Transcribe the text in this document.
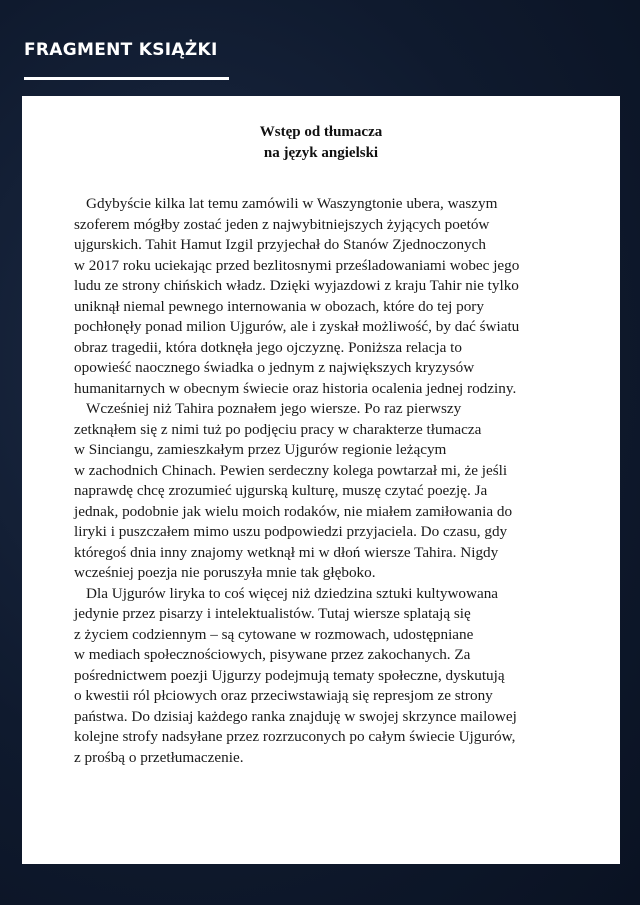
FRAGMENT KSIĄŻKI
Wstęp od tłumacza
na język angielski
Gdybyście kilka lat temu zamówili w Waszyngtonie ubera, waszym
szoferem mógłby zostać jeden z najwybitniejszych żyjących poetów
ujgurskich. Tahit Hamut Izgil przyjechał do Stanów Zjednoczonych
w 2017 roku uciekając przed bezlitosnymi prześladowaniami wobec jego
ludu ze strony chińskich władz. Dzięki wyjazdowi z kraju Tahir nie tylko
uniknął niemal pewnego internowania w obozach, które do tej pory
pochłonęły ponad milion Ujgurów, ale i zyskał możliwość, by dać światu
obraz tragedii, która dotknęła jego ojczyznę. Poniższa relacja to
opowieść naocznego świadka o jednym z największych kryzysów
humanitarnych w obecnym świecie oraz historia ocalenia jednej rodziny.
Wcześniej niż Tahira poznałem jego wiersze. Po raz pierwszy
zetknąłem się z nimi tuż po podjęciu pracy w charakterze tłumacza
w Sinciangu, zamieszkałym przez Ujgurów regionie leżącym
w zachodnich Chinach. Pewien serdeczny kolega powtarzał mi, że jeśli
naprawdę chcę zrozumieć ujgurską kulturę, muszę czytać poezję. Ja
jednak, podobnie jak wielu moich rodaków, nie miałem zamiłowania do
liryki i puszczałem mimo uszu podpowiedzi przyjaciela. Do czasu, gdy
któregoś dnia inny znajomy wetknął mi w dłoń wiersze Tahira. Nigdy
wcześniej poezja nie poruszyła mnie tak głęboko.
Dla Ujgurów liryka to coś więcej niż dziedzina sztuki kultywowana
jedynie przez pisarzy i intelektualistów. Tutaj wiersze splatają się
z życiem codziennym – są cytowane w rozmowach, udostępniane
w mediach społecznościowych, pisywane przez zakochanych. Za
pośrednictwem poezji Ujgurzy podejmują tematy społeczne, dyskutują
o kwestii ról płciowych oraz przeciwstawiają się represjom ze strony
państwa. Do dzisiaj każdego ranka znajduję w swojej skrzynce mailowej
kolejne strofy nadsyłane przez rozrzuconych po całym świecie Ujgurów,
z prośbą o przetłumaczenie.
